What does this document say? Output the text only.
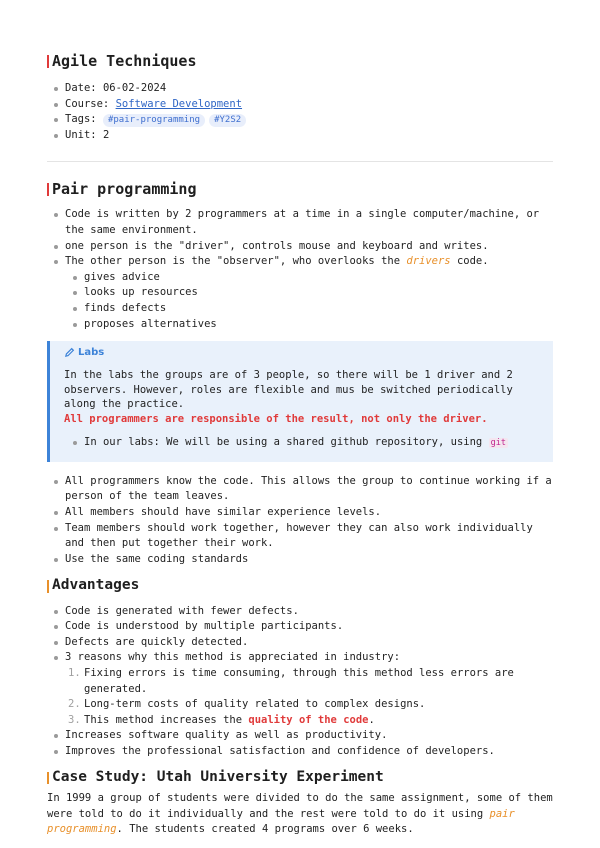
Agile Techniques
Date: 06-02-2024
Course: Software Development
Tags: #pair-programming #Y2S2
Unit: 2
Pair programming
Code is written by 2 programmers at a time in a single computer/machine, or the same environment.
one person is the "driver", controls mouse and keyboard and writes.
The other person is the "observer", who overlooks the drivers code.
gives advice
looks up resources
finds defects
proposes alternatives
Labs

In the labs the groups are of 3 people, so there will be 1 driver and 2 observers. However, roles are flexible and mus be switched periodically along the practice.
All programmers are responsible of the result, not only the driver.

In our labs: We will be using a shared github repository, using git
All programmers know the code. This allows the group to continue working if a person of the team leaves.
All members should have similar experience levels.
Team members should work together, however they can also work individually and then put together their work.
Use the same coding standards
Advantages
Code is generated with fewer defects.
Code is understood by multiple participants.
Defects are quickly detected.
3 reasons why this method is appreciated in industry:
1. Fixing errors is time consuming, through this method less errors are generated.
2. Long-term costs of quality related to complex designs.
3. This method increases the quality of the code.
Increases software quality as well as productivity.
Improves the professional satisfaction and confidence of developers.
Case Study: Utah University Experiment

In 1999 a group of students were divided to do the same assignment, some of them were told to do it individually and the rest were told to do it using pair programming. The students created 4 programs over 6 weeks.
